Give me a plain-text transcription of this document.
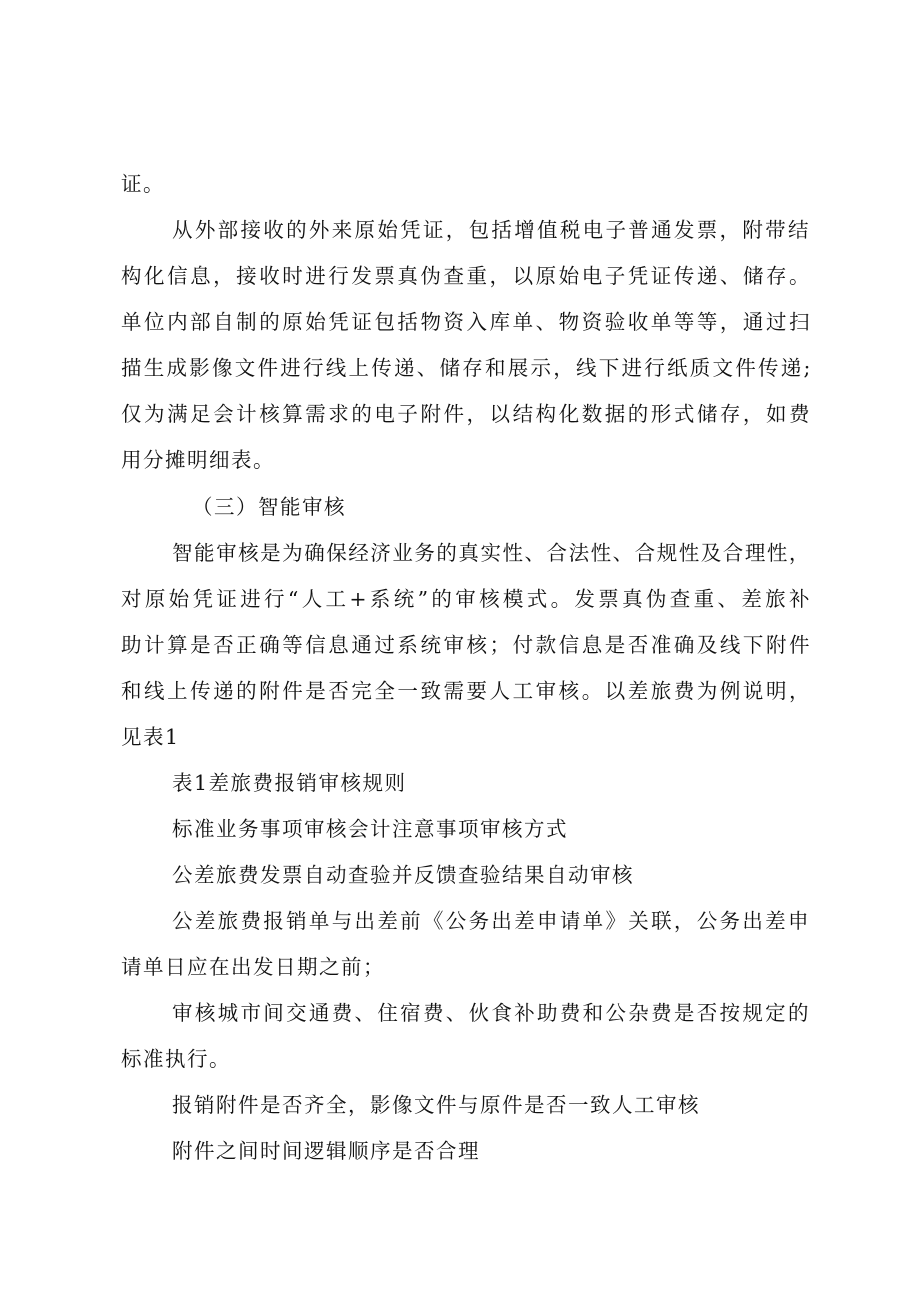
证。
从外部接收的外来原始凭证，包括增值税电子普通发票，附带结
构化信息，接收时进行发票真伪查重，以原始电子凭证传递、储存。
单位内部自制的原始凭证包括物资入库单、物资验收单等等，通过扫
描生成影像文件进行线上传递、储存和展示，线下进行纸质文件传递;
仅为满足会计核算需求的电子附件，以结构化数据的形式储存，如费
用分摊明细表。
（三）智能审核
智能审核是为确保经济业务的真实性、合法性、合规性及合理性，
对原始凭证进行“人工+系统”的审核模式。发票真伪查重、差旅补
助计算是否正确等信息通过系统审核；付款信息是否准确及线下附件
和线上传递的附件是否完全一致需要人工审核。以差旅费为例说明，
见表1
表1差旅费报销审核规则
标准业务事项审核会计注意事项审核方式
公差旅费发票自动查验并反馈查验结果自动审核
公差旅费报销单与出差前《公务出差申请单》关联，公务出差申
请单日应在出发日期之前；
审核城市间交通费、住宿费、伙食补助费和公杂费是否按规定的
标准执行。
报销附件是否齐全，影像文件与原件是否一致人工审核
附件之间时间逻辑顺序是否合理
